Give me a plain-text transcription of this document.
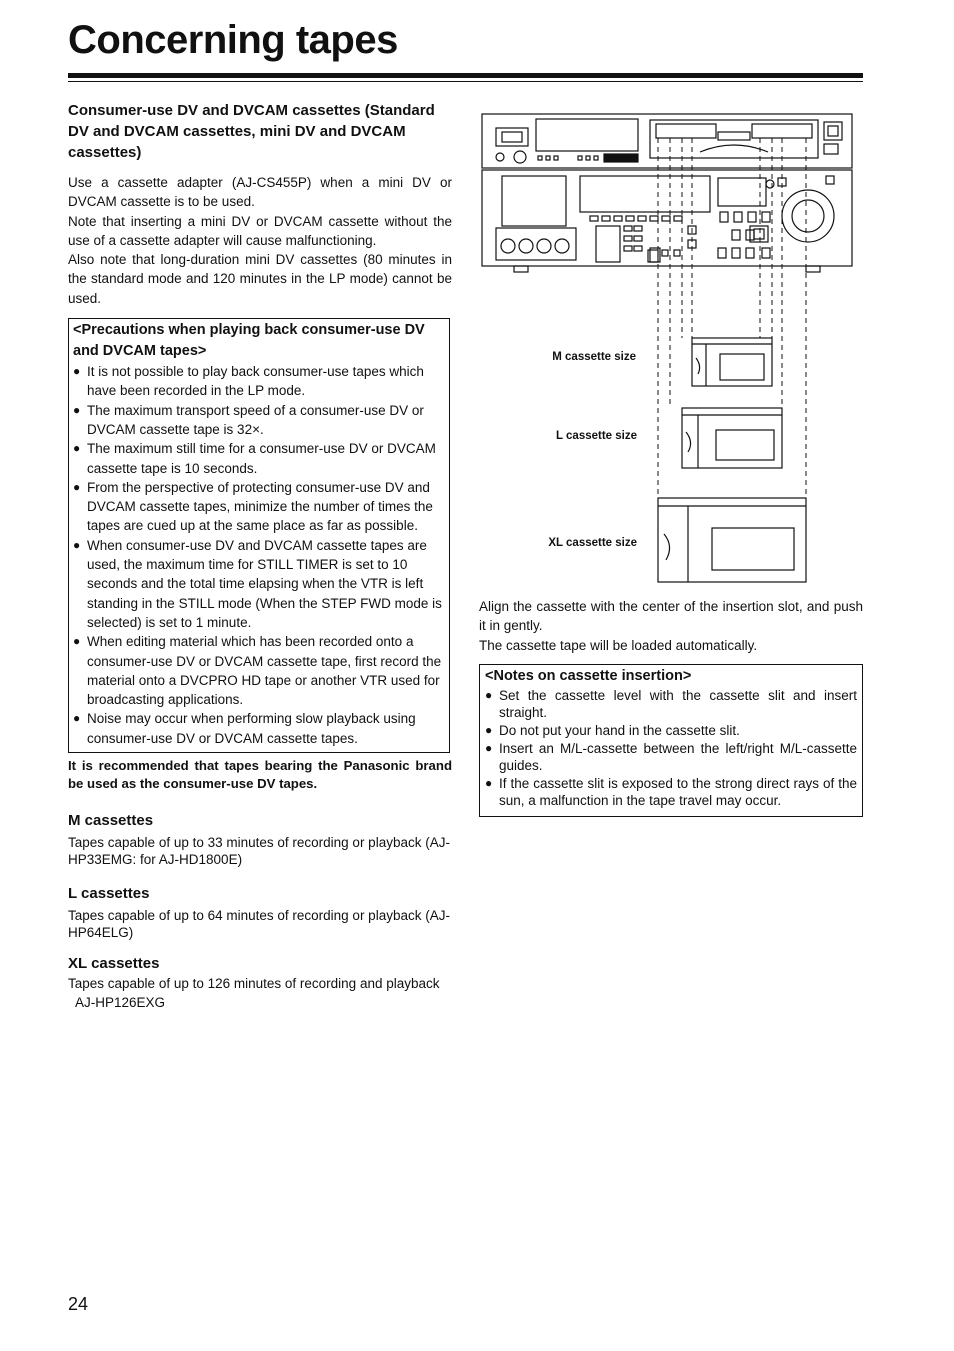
Concerning tapes
Consumer-use DV and DVCAM cassettes (Standard DV and DVCAM cassettes, mini DV and DVCAM cassettes)

Use a cassette adapter (AJ-CS455P) when a mini DV or DVCAM cassette is to be used.

Note that inserting a mini DV or DVCAM cassette without the use of a cassette adapter will cause malfunctioning.

Also note that long-duration mini DV cassettes (80 minutes in the standard mode and 120 minutes in the LP mode) cannot be used.

<Precautions when playing back consumer-use DV and DVCAM tapes>
● It is not possible to play back consumer-use tapes which have been recorded in the LP mode.
● The maximum transport speed of a consumer-use DV or DVCAM cassette tape is 32×.
● The maximum still time for a consumer-use DV or DVCAM cassette tape is 10 seconds.
● From the perspective of protecting consumer-use DV and DVCAM cassette tapes, minimize the number of times the tapes are cued up at the same place as far as possible.
● When consumer-use DV and DVCAM cassette tapes are used, the maximum time for STILL TIMER is set to 10 seconds and the total time elapsing when the VTR is left standing in the STILL mode (When the STEP FWD mode is selected) is set to 1 minute.
● When editing material which has been recorded onto a consumer-use DV or DVCAM cassette tape, first record the material onto a DVCPRO HD tape or another VTR used for broadcasting applications.
● Noise may occur when performing slow playback using consumer-use DV or DVCAM cassette tapes.
It is recommended that tapes bearing the Panasonic brand be used as the consumer-use DV tapes.
M cassettes

Tapes capable of up to 33 minutes of recording or playback (AJ-HP33EMG: for AJ-HD1800E)

L cassettes

Tapes capable of up to 64 minutes of recording or playback (AJ-HP64ELG)

XL cassettes

Tapes capable of up to 126 minutes of recording and playback

AJ-HP126EXG

M cassette size
L cassette size
XL cassette size

Align the cassette with the center of the insertion slot, and push it in gently.

The cassette tape will be loaded automatically.

<Notes on cassette insertion>
● Set the cassette level with the cassette slit and insert straight.
● Do not put your hand in the cassette slit.
● Insert an M/L-cassette between the left/right M/L-cassette guides.
● If the cassette slit is exposed to the strong direct rays of the sun, a malfunction in the tape travel may occur.
24
